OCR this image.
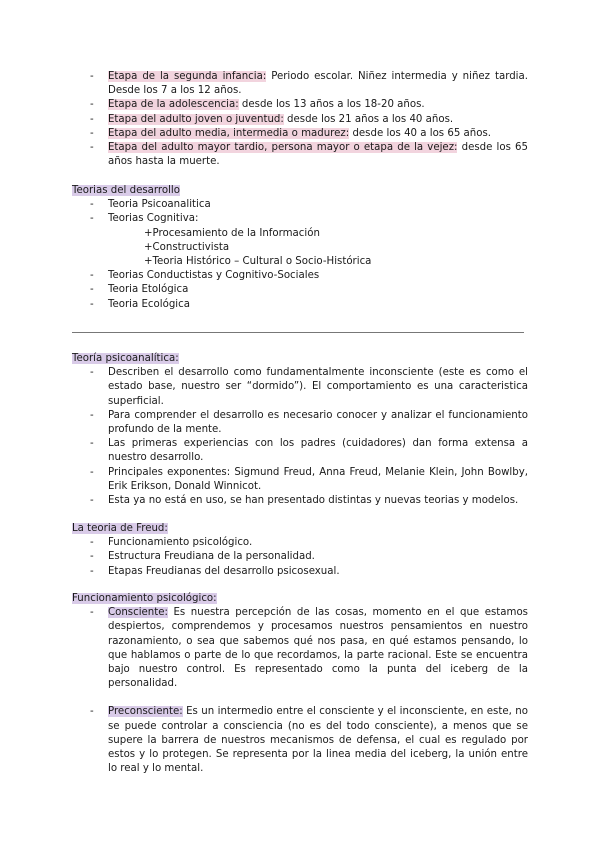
- Etapa de la segunda infancia: Periodo escolar. Niñez intermedia y niñez tardia. Desde los 7 a los 12 años.
- Etapa de la adolescencia: desde los 13 años a los 18-20 años.
- Etapa del adulto joven o juventud: desde los 21 años a los 40 años.
- Etapa del adulto media, intermedia o madurez: desde los 40 a los 65 años.
- Etapa del adulto mayor tardio, persona mayor o etapa de la vejez: desde los 65 años hasta la muerte.
Teorias del desarrollo
- Teoria Psicoanalitica
- Teorias Cognitiva:
+Procesamiento de la Información
+Constructivista
+Teoria Histórico – Cultural o Socio-Histórica
- Teorias Conductistas y Cognitivo-Sociales
- Teoria Etológica
- Teoria Ecológica
Teoría psicoanalítica:
- Describen el desarrollo como fundamentalmente inconsciente (este es como el estado base, nuestro ser “dormido”). El comportamiento es una caracteristica superficial.
- Para comprender el desarrollo es necesario conocer y analizar el funcionamiento profundo de la mente.
- Las primeras experiencias con los padres (cuidadores) dan forma extensa a nuestro desarrollo.
- Principales exponentes: Sigmund Freud, Anna Freud, Melanie Klein, John Bowlby, Erik Erikson, Donald Winnicot.
- Esta ya no está en uso, se han presentado distintas y nuevas teorias y modelos.
La teoria de Freud:
- Funcionamiento psicológico.
- Estructura Freudiana de la personalidad.
- Etapas Freudianas del desarrollo psicosexual.
Funcionamiento psicológico:
- Consciente: Es nuestra percepción de las cosas, momento en el que estamos despiertos, comprendemos y procesamos nuestros pensamientos en nuestro razonamiento, o sea que sabemos qué nos pasa, en qué estamos pensando, lo que hablamos o parte de lo que recordamos, la parte racional. Este se encuentra bajo nuestro control. Es representado como la punta del iceberg de la personalidad.
- Preconsciente: Es un intermedio entre el consciente y el inconsciente, en este, no se puede controlar a consciencia (no es del todo consciente), a menos que se supere la barrera de nuestros mecanismos de defensa, el cual es regulado por estos y lo protegen. Se representa por la linea media del iceberg, la unión entre lo real y lo mental.
